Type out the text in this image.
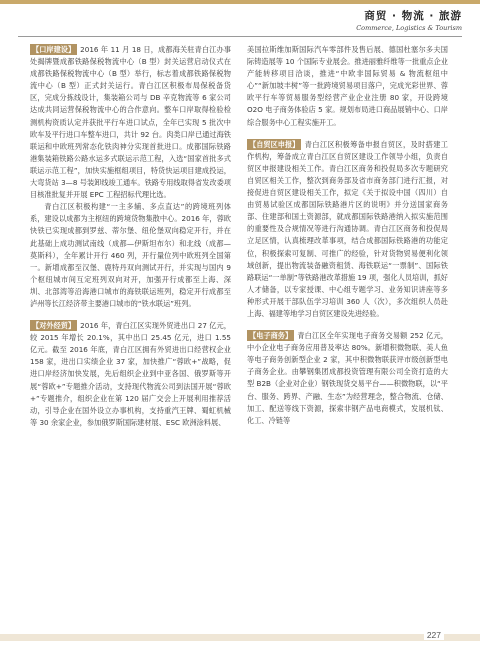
商贸 · 物流 · 旅游
Commerce, Logistics & Tourism

【 口岸建设 】 2016 年 11 月 18 日，成都海关驻青白江办事处揭牌暨成都铁路保税物流中心（B 型）封关运营启动仪式在成都铁路保税物流中心（B 型）举行，标志着成都铁路保税物流中心（B 型）正式封关运行。青白江区积极布局保税备货区，完成分拣线设计，集装箱公司与 DB 辛克物流等 6 家公司达成共同运营保税物流中心的合作意向。整车口岸取得检验检测机构资质认定并获批平行车进口试点，全年已实现 5 批次中欧车及平行进口车整车进口，共计 92 台。肉类口岸已通过海铁联运和中欧班列常态化铁肉神分实现首批进口。成都国际铁路港集装箱铁路公路水运多式联运示范工程，入选“国家首批多式联运示范工程”，加快实施框组项目，特货快运项目建成投运，大弯货站 3—8 号装卸线竣工通车。铁路专用线取得省发改委项目核准批复并开展 EPC 工程招标代理比选。

青白江区积极构建“一主多辅、多点直达”的跨境班列体系，建设以成都为主枢纽的跨境货物集散中心。2016 年，蓉欧快铁已实现成都到罗兹、蒂尔堡、纽伦堡双向稳定开行，并在此基础上成功测试南线（成都—伊斯坦布尔）和北线（成都—莫斯科），全年累计开行 460 列，开行量位列中欧班列全国第一。新增成都至汉堡、鹿特丹双向测试开行，并实现与国内 9 个枢纽城市间互定班列双向对开，加强开行成都至上海、深圳、北部湾等沿海港口城市的海铁联运班列，稳定开行成都至泸州等长江经济带主要港口城市的“铁水联运”班列。

【 对外经贸 】 2016 年，青白江区实现外贸进出口 27 亿元，较 2015 年增长 20.1%，其中出口 25.45 亿元，进口 1.55 亿元。截至 2016 年底，青白江区拥有外贸进出口经营权企业 158 家，进出口实绩企业 37 家，加快推广“蓉欧+”战略，促进口岸经济加快发展，先后组织企业到中亚各国、俄罗斯等开展“蓉欧+”专题推介活动，支持现代物流公司到法国开展“蓉欧+”专题推介，组织企业在第 120 届广交会上开展利用推荐活动，引导企业在国外设立办事机构，支持重汽王牌、蜀虹机械等 30 余家企业，参加俄罗斯国际建材展、ESC 欧洲涂料展、

美国拉斯维加斯国际汽车零部件及售后展、德国杜塞尔多夫国际铸造展等 10 个国际专业展会。推进丽雅纤维等一批重点企业产能转移项目洽谈，推进“中欧非国际贸易 & 物流枢纽中心”“新加坡丰树”等一批跨境贸易项目落户，完成光彩世界、蓉欧平行车等贸易服务型经营产业企业注册 80 家，开设跨境 O2O 电子商务体验店 5 家。规划布局进口商品展销中心、口岸综合服务中心工程实施开工。

【 自贸区申报 】 青白江区积极筹备申报自贸区，及时搭建工作机构，筹备成立青白江区自贸区建设工作领导小组，负责自贸区申报建设相关工作。青白江区商务和投促局多次专题研究自贸区相关工作，整次到商务部及省市商务部门进行汇报，对接促进自贸区建设相关工作，拟定《关于拟设中国（四川）自由贸易试验区成都国际铁路港片区的说明》并分送国家商务部、住建部和国土资源部，就成都国际铁路港纳入拟实施范围的重要性及合规情况等进行沟通协调。青白江区商务和投促局立足区情，认真梳理改革事项，结合成都国际铁路港的功能定位，积极探索可复制、可推广的经验，针对货物贸易便利化领域创新，提出物流装备融资租赁、海铁联运“一票制”、国际铁路联运“一单制”等铁路港改革措施 19 项，强化人员培训，抓好人才储备，以专家授课、中心组专题学习、业务知识讲座等多种形式开展干部队伍学习培训 360 人（次），多次组织人员赴上海、福建等地学习自贸区建设先进经验。

【 电子商务 】 青白江区全年实现电子商务交易额 252 亿元，中小企业电子商务应用普及率达 80%。新增积微物联、美人鱼等电子商务创新型企业 2 家，其中积微物联获评市级创新型电子商务企业。由攀钢集团成都投资管理有限公司全资打造的大型 B2B（企业对企业）钢铁现货交易平台——积微物联，以“平台、服务、跨界、产融、生态”为经营理念，整合物流、仓储、加工、配送等线下资源，探索非钢产品电商模式，发展机钛、化工、冷链等

227
